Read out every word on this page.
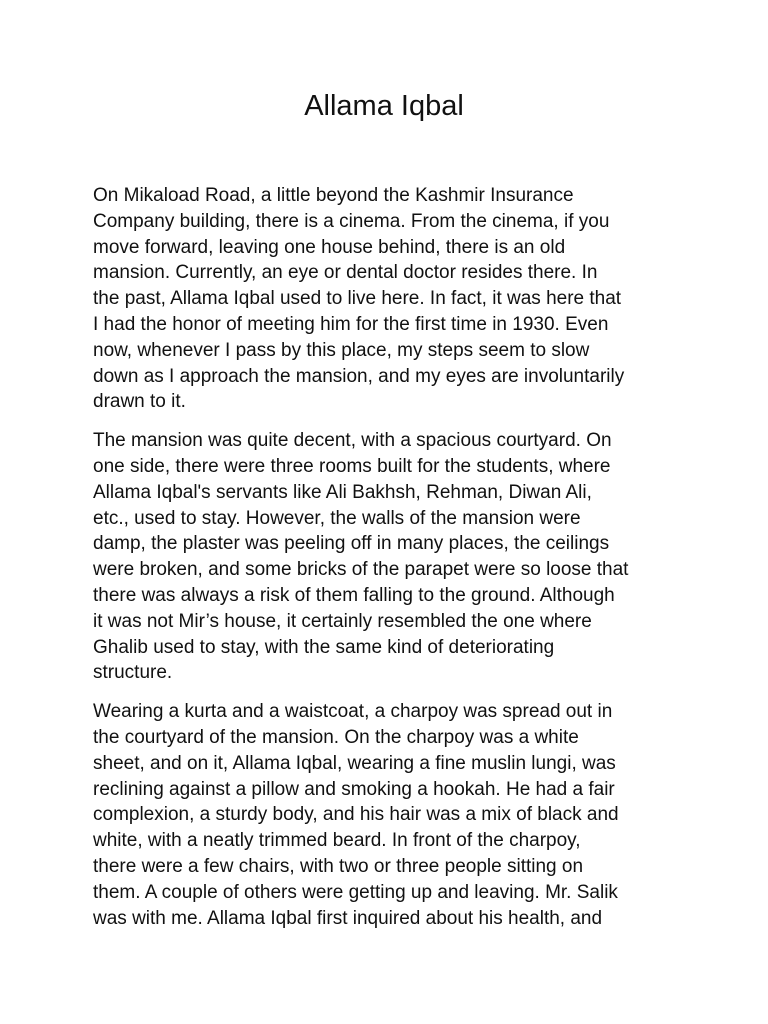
Allama Iqbal

On Mikaload Road, a little beyond the Kashmir Insurance
Company building, there is a cinema. From the cinema, if you
move forward, leaving one house behind, there is an old
mansion. Currently, an eye or dental doctor resides there. In
the past, Allama Iqbal used to live here. In fact, it was here that
I had the honor of meeting him for the first time in 1930. Even
now, whenever I pass by this place, my steps seem to slow
down as I approach the mansion, and my eyes are involuntarily
drawn to it.

The mansion was quite decent, with a spacious courtyard. On
one side, there were three rooms built for the students, where
Allama Iqbal's servants like Ali Bakhsh, Rehman, Diwan Ali,
etc., used to stay. However, the walls of the mansion were
damp, the plaster was peeling off in many places, the ceilings
were broken, and some bricks of the parapet were so loose that
there was always a risk of them falling to the ground. Although
it was not Mir’s house, it certainly resembled the one where
Ghalib used to stay, with the same kind of deteriorating
structure.

Wearing a kurta and a waistcoat, a charpoy was spread out in
the courtyard of the mansion. On the charpoy was a white
sheet, and on it, Allama Iqbal, wearing a fine muslin lungi, was
reclining against a pillow and smoking a hookah. He had a fair
complexion, a sturdy body, and his hair was a mix of black and
white, with a neatly trimmed beard. In front of the charpoy,
there were a few chairs, with two or three people sitting on
them. A couple of others were getting up and leaving. Mr. Salik
was with me. Allama Iqbal first inquired about his health, and
